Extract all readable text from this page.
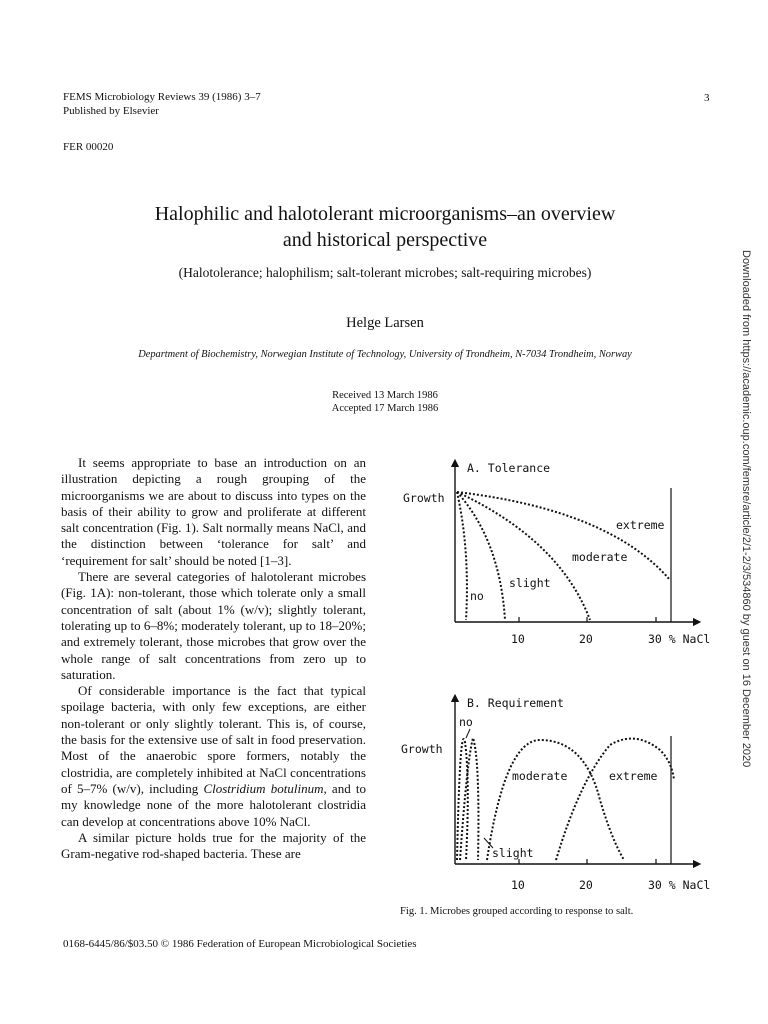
FEMS Microbiology Reviews 39 (1986) 3–7
Published by Elsevier
3
FER 00020
Halophilic and halotolerant microorganisms–an overview
and historical perspective
(Halotolerance; halophilism; salt-tolerant microbes; salt-requiring microbes)
Helge Larsen
Department of Biochemistry, Norwegian Institute of Technology, University of Trondheim, N-7034 Trondheim, Norway
Received 13 March 1986
Accepted 17 March 1986

It seems appropriate to base an introduction on an illustration depicting a rough grouping of the microorganisms we are about to discuss into types on the basis of their ability to grow and proliferate at different salt concentration (Fig. 1). Salt normally means NaCl, and the distinction between ‘tolerance for salt’ and ‘requirement for salt’ should be noted [1–3].

There are several categories of halotolerant microbes (Fig. 1A): non-tolerant, those which tolerate only a small concentration of salt (about 1% (w/v); slightly tolerant, tolerating up to 6–8%; moderately tolerant, up to 18–20%; and extremely tolerant, those microbes that grow over the whole range of salt concentrations from zero up to saturation.

Of considerable importance is the fact that typical spoilage bacteria, with only few exceptions, are either non-tolerant or only slightly tolerant. This is, of course, the basis for the extensive use of salt in food preservation. Most of the anaerobic spore formers, notably the clostridia, are completely inhibited at NaCl concentrations of 5–7% (w/v), including Clostridium botulinum, and to my knowledge none of the more halotolerant clostridia can develop at concentrations above 10% NaCl.

A similar picture holds true for the majority of the Gram-negative rod-shaped bacteria. These are

A. Tolerance
Growth
no
slight
moderate
extreme
10	20	30 % NaCl
B. Requirement
Growth
no
slight
moderate	extreme
10	20	30 % NaCl
Fig. 1. Microbes grouped according to response to salt.
0168-6445/86/$03.50 © 1986 Federation of European Microbiological Societies
Downloaded from https://academic.oup.com/femsre/article/2/1-2/3/534860 by guest on 16 December 2020
